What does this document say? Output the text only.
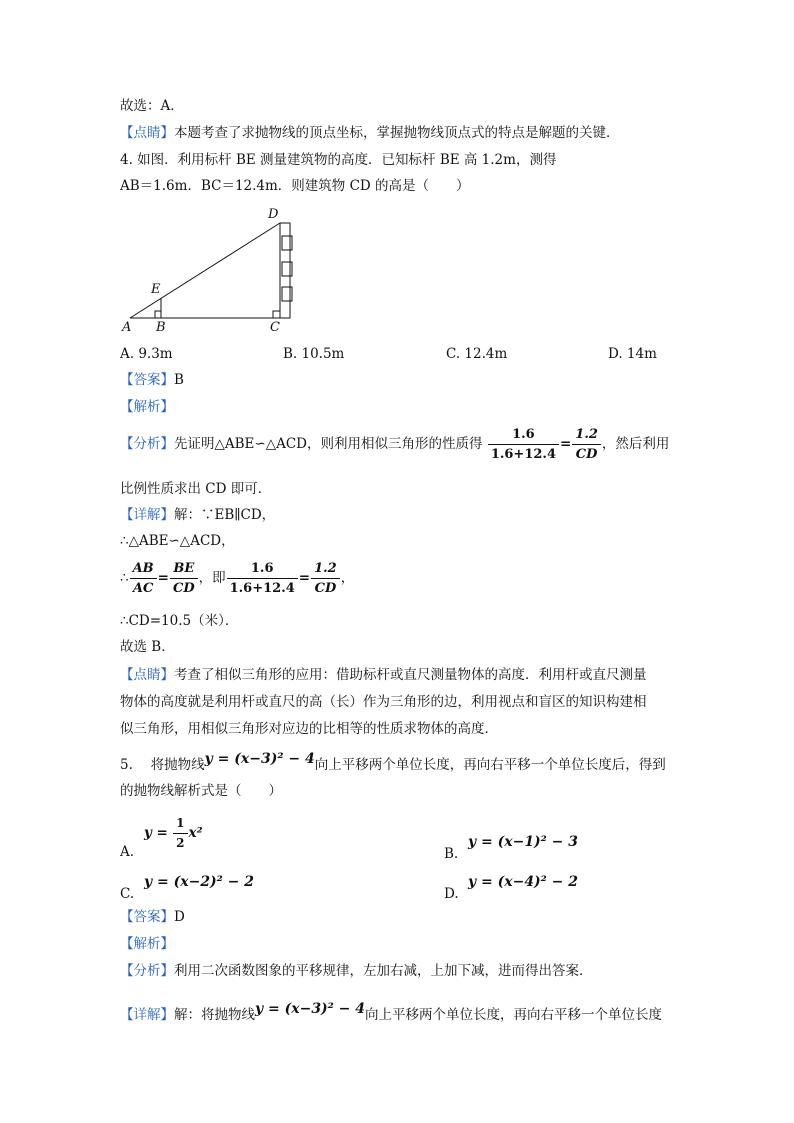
故选：A．
【点睛】本题考查了求抛物线的顶点坐标，掌握抛物线顶点式的特点是解题的关键．
4. 如图．利用标杆 BE 测量建筑物的高度．已知标杆 BE 高 1.2m，测得
AB＝1.6m．BC＝12.4m．则建筑物 CD 的高是（　　）
A B	C
D
E
A. 9.3m	B. 10.5m	C. 12.4m	D. 14m
【答案】B
【解析】
【分析】先证明△ABE∽△ACD，则利用相似三角形的性质得 $\frac{1.6}{1.6+12.4} = \frac{1.2}{CD}$ ，然后利用
比例性质求出 CD 即可．
【详解】解：∵EB∥CD，
∴△ABE∽△ACD，
∴ $\frac{AB}{AC} = \frac{BE}{CD}$ ，即 $\frac{1.6}{1.6+12.4} = \frac{1.2}{CD}$ ，
∴CD=10.5（米）．
故选 B．
【点睛】考查了相似三角形的应用：借助标杆或直尺测量物体的高度．利用杆或直尺测量
物体的高度就是利用杆或直尺的高（长）作为三角形的边，利用视点和盲区的知识构建相
似三角形，用相似三角形对应边的比相等的性质求物体的高度．
5.　 将抛物线y = (x−3)² − 4向上平移两个单位长度，再向右平移一个单位长度后，得到
的抛物线解析式是（　　）
A.
$y = \frac{1}{2} x^2$
B.
y = (x−1)² − 3
C.
y = (x−2)² − 2
D.
y = (x−4)² − 2
【答案】D
【解析】
【分析】利用二次函数图象的平移规律，左加右减，上加下减，进而得出答案．
【详解】解：将抛物线y = (x−3)² − 4向上平移两个单位长度，再向右平移一个单位长度
